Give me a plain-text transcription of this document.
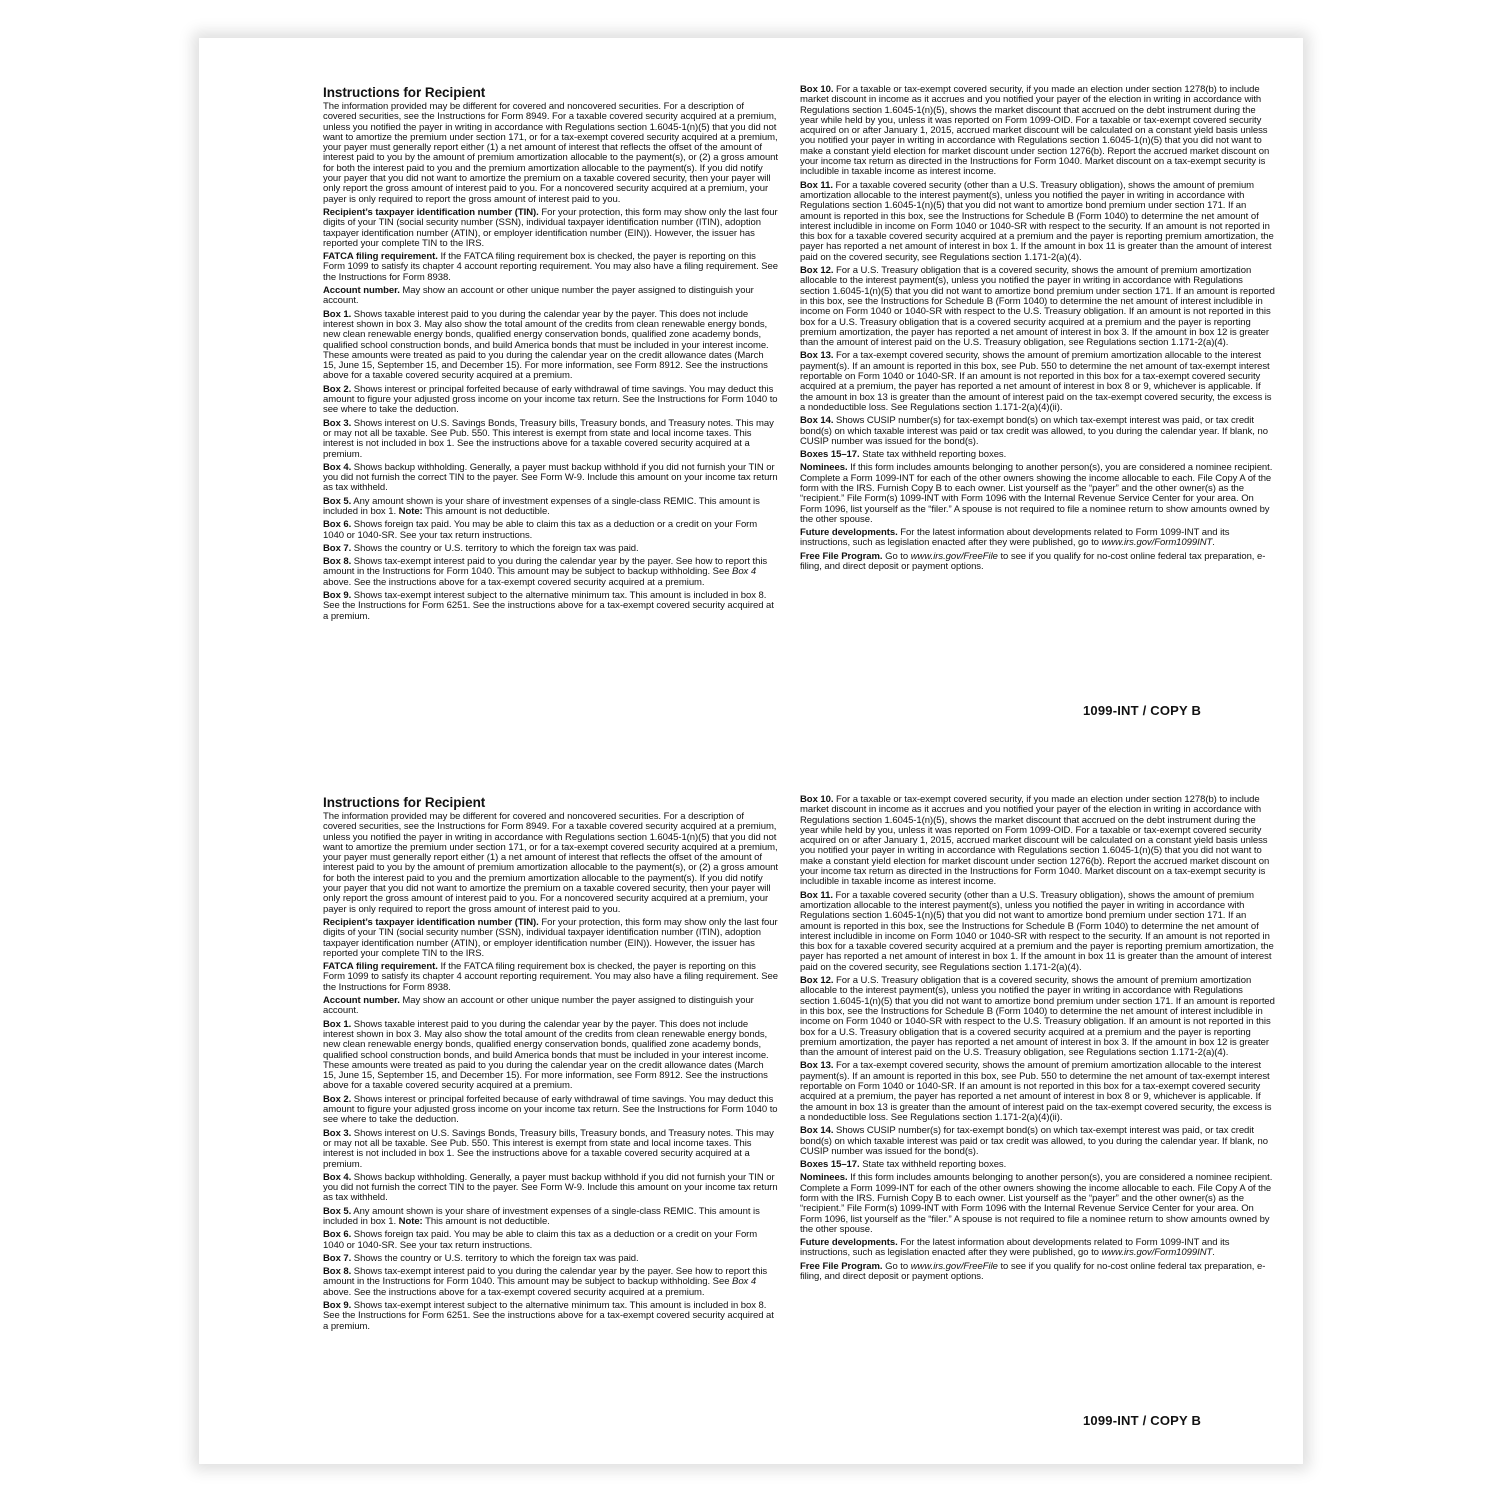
Instructions for Recipient

The information provided may be different for covered and noncovered securities. For a description of covered securities, see the Instructions for Form 8949. For a taxable covered security acquired at a premium, unless you notified the payer in writing in accordance with Regulations section 1.6045-1(n)(5) that you did not want to amortize the premium under section 171, or for a tax-exempt covered security acquired at a premium, your payer must generally report either (1) a net amount of interest that reflects the offset of the amount of interest paid to you by the amount of premium amortization allocable to the payment(s), or (2) a gross amount for both the interest paid to you and the premium amortization allocable to the payment(s). If you did notify your payer that you did not want to amortize the premium on a taxable covered security, then your payer will only report the gross amount of interest paid to you. For a noncovered security acquired at a premium, your payer is only required to report the gross amount of interest paid to you.

Recipient’s taxpayer identification number (TIN). For your protection, this form may show only the last four digits of your TIN (social security number (SSN), individual taxpayer identification number (ITIN), adoption taxpayer identification number (ATIN), or employer identification number (EIN)). However, the issuer has reported your complete TIN to the IRS.

FATCA filing requirement. If the FATCA filing requirement box is checked, the payer is reporting on this Form 1099 to satisfy its chapter 4 account reporting requirement. You may also have a filing requirement. See the Instructions for Form 8938.

Account number. May show an account or other unique number the payer assigned to distinguish your account.

Box 1. Shows taxable interest paid to you during the calendar year by the payer. This does not include interest shown in box 3. May also show the total amount of the credits from clean renewable energy bonds, new clean renewable energy bonds, qualified energy conservation bonds, qualified zone academy bonds, qualified school construction bonds, and build America bonds that must be included in your interest income. These amounts were treated as paid to you during the calendar year on the credit allowance dates (March 15, June 15, September 15, and December 15). For more information, see Form 8912. See the instructions above for a taxable covered security acquired at a premium.

Box 2. Shows interest or principal forfeited because of early withdrawal of time savings. You may deduct this amount to figure your adjusted gross income on your income tax return. See the Instructions for Form 1040 to see where to take the deduction.

Box 3. Shows interest on U.S. Savings Bonds, Treasury bills, Treasury bonds, and Treasury notes. This may or may not all be taxable. See Pub. 550. This interest is exempt from state and local income taxes. This interest is not included in box 1. See the instructions above for a taxable covered security acquired at a premium.

Box 4. Shows backup withholding. Generally, a payer must backup withhold if you did not furnish your TIN or you did not furnish the correct TIN to the payer. See Form W-9. Include this amount on your income tax return as tax withheld.

Box 5. Any amount shown is your share of investment expenses of a single-class REMIC. This amount is included in box 1. Note: This amount is not deductible.

Box 6. Shows foreign tax paid. You may be able to claim this tax as a deduction or a credit on your Form 1040 or 1040-SR. See your tax return instructions.

Box 7. Shows the country or U.S. territory to which the foreign tax was paid.

Box 8. Shows tax-exempt interest paid to you during the calendar year by the payer. See how to report this amount in the Instructions for Form 1040. This amount may be subject to backup withholding. See Box 4 above. See the instructions above for a tax-exempt covered security acquired at a premium.

Box 9. Shows tax-exempt interest subject to the alternative minimum tax. This amount is included in box 8. See the Instructions for Form 6251. See the instructions above for a tax-exempt covered security acquired at a premium.

Box 10. For a taxable or tax-exempt covered security, if you made an election under section 1278(b) to include market discount in income as it accrues and you notified your payer of the election in writing in accordance with Regulations section 1.6045-1(n)(5), shows the market discount that accrued on the debt instrument during the year while held by you, unless it was reported on Form 1099-OID. For a taxable or tax-exempt covered security acquired on or after January 1, 2015, accrued market discount will be calculated on a constant yield basis unless you notified your payer in writing in accordance with Regulations section 1.6045-1(n)(5) that you did not want to make a constant yield election for market discount under section 1276(b). Report the accrued market discount on your income tax return as directed in the Instructions for Form 1040. Market discount on a tax-exempt security is includible in taxable income as interest income.

Box 11. For a taxable covered security (other than a U.S. Treasury obligation), shows the amount of premium amortization allocable to the interest payment(s), unless you notified the payer in writing in accordance with Regulations section 1.6045-1(n)(5) that you did not want to amortize bond premium under section 171. If an amount is reported in this box, see the Instructions for Schedule B (Form 1040) to determine the net amount of interest includible in income on Form 1040 or 1040-SR with respect to the security. If an amount is not reported in this box for a taxable covered security acquired at a premium and the payer is reporting premium amortization, the payer has reported a net amount of interest in box 1. If the amount in box 11 is greater than the amount of interest paid on the covered security, see Regulations section 1.171-2(a)(4).

Box 12. For a U.S. Treasury obligation that is a covered security, shows the amount of premium amortization allocable to the interest payment(s), unless you notified the payer in writing in accordance with Regulations section 1.6045-1(n)(5) that you did not want to amortize bond premium under section 171. If an amount is reported in this box, see the Instructions for Schedule B (Form 1040) to determine the net amount of interest includible in income on Form 1040 or 1040-SR with respect to the U.S. Treasury obligation. If an amount is not reported in this box for a U.S. Treasury obligation that is a covered security acquired at a premium and the payer is reporting premium amortization, the payer has reported a net amount of interest in box 3. If the amount in box 12 is greater than the amount of interest paid on the U.S. Treasury obligation, see Regulations section 1.171-2(a)(4).

Box 13. For a tax-exempt covered security, shows the amount of premium amortization allocable to the interest payment(s). If an amount is reported in this box, see Pub. 550 to determine the net amount of tax-exempt interest reportable on Form 1040 or 1040-SR. If an amount is not reported in this box for a tax-exempt covered security acquired at a premium, the payer has reported a net amount of interest in box 8 or 9, whichever is applicable. If the amount in box 13 is greater than the amount of interest paid on the tax-exempt covered security, the excess is a nondeductible loss. See Regulations section 1.171-2(a)(4)(ii).

Box 14. Shows CUSIP number(s) for tax-exempt bond(s) on which tax-exempt interest was paid, or tax credit bond(s) on which taxable interest was paid or tax credit was allowed, to you during the calendar year. If blank, no CUSIP number was issued for the bond(s).

Boxes 15–17. State tax withheld reporting boxes.

Nominees. If this form includes amounts belonging to another person(s), you are considered a nominee recipient. Complete a Form 1099-INT for each of the other owners showing the income allocable to each. File Copy A of the form with the IRS. Furnish Copy B to each owner. List yourself as the “payer” and the other owner(s) as the “recipient.” File Form(s) 1099-INT with Form 1096 with the Internal Revenue Service Center for your area. On Form 1096, list yourself as the “filer.” A spouse is not required to file a nominee return to show amounts owned by the other spouse.

Future developments. For the latest information about developments related to Form 1099-INT and its instructions, such as legislation enacted after they were published, go to www.irs.gov/Form1099INT.

Free File Program. Go to www.irs.gov/FreeFile to see if you qualify for no-cost online federal tax preparation, e-filing, and direct deposit or payment options.

1099-INT / COPY B
Instructions for Recipient

The information provided may be different for covered and noncovered securities. For a description of covered securities, see the Instructions for Form 8949. For a taxable covered security acquired at a premium, unless you notified the payer in writing in accordance with Regulations section 1.6045-1(n)(5) that you did not want to amortize the premium under section 171, or for a tax-exempt covered security acquired at a premium, your payer must generally report either (1) a net amount of interest that reflects the offset of the amount of interest paid to you by the amount of premium amortization allocable to the payment(s), or (2) a gross amount for both the interest paid to you and the premium amortization allocable to the payment(s). If you did notify your payer that you did not want to amortize the premium on a taxable covered security, then your payer will only report the gross amount of interest paid to you. For a noncovered security acquired at a premium, your payer is only required to report the gross amount of interest paid to you.

Recipient’s taxpayer identification number (TIN). For your protection, this form may show only the last four digits of your TIN (social security number (SSN), individual taxpayer identification number (ITIN), adoption taxpayer identification number (ATIN), or employer identification number (EIN)). However, the issuer has reported your complete TIN to the IRS.

FATCA filing requirement. If the FATCA filing requirement box is checked, the payer is reporting on this Form 1099 to satisfy its chapter 4 account reporting requirement. You may also have a filing requirement. See the Instructions for Form 8938.

Account number. May show an account or other unique number the payer assigned to distinguish your account.

Box 1. Shows taxable interest paid to you during the calendar year by the payer. This does not include interest shown in box 3. May also show the total amount of the credits from clean renewable energy bonds, new clean renewable energy bonds, qualified energy conservation bonds, qualified zone academy bonds, qualified school construction bonds, and build America bonds that must be included in your interest income. These amounts were treated as paid to you during the calendar year on the credit allowance dates (March 15, June 15, September 15, and December 15). For more information, see Form 8912. See the instructions above for a taxable covered security acquired at a premium.

Box 2. Shows interest or principal forfeited because of early withdrawal of time savings. You may deduct this amount to figure your adjusted gross income on your income tax return. See the Instructions for Form 1040 to see where to take the deduction.

Box 3. Shows interest on U.S. Savings Bonds, Treasury bills, Treasury bonds, and Treasury notes. This may or may not all be taxable. See Pub. 550. This interest is exempt from state and local income taxes. This interest is not included in box 1. See the instructions above for a taxable covered security acquired at a premium.

Box 4. Shows backup withholding. Generally, a payer must backup withhold if you did not furnish your TIN or you did not furnish the correct TIN to the payer. See Form W-9. Include this amount on your income tax return as tax withheld.

Box 5. Any amount shown is your share of investment expenses of a single-class REMIC. This amount is included in box 1. Note: This amount is not deductible.

Box 6. Shows foreign tax paid. You may be able to claim this tax as a deduction or a credit on your Form 1040 or 1040-SR. See your tax return instructions.

Box 7. Shows the country or U.S. territory to which the foreign tax was paid.

Box 8. Shows tax-exempt interest paid to you during the calendar year by the payer. See how to report this amount in the Instructions for Form 1040. This amount may be subject to backup withholding. See Box 4 above. See the instructions above for a tax-exempt covered security acquired at a premium.

Box 9. Shows tax-exempt interest subject to the alternative minimum tax. This amount is included in box 8. See the Instructions for Form 6251. See the instructions above for a tax-exempt covered security acquired at a premium.

Box 10. For a taxable or tax-exempt covered security, if you made an election under section 1278(b) to include market discount in income as it accrues and you notified your payer of the election in writing in accordance with Regulations section 1.6045-1(n)(5), shows the market discount that accrued on the debt instrument during the year while held by you, unless it was reported on Form 1099-OID. For a taxable or tax-exempt covered security acquired on or after January 1, 2015, accrued market discount will be calculated on a constant yield basis unless you notified your payer in writing in accordance with Regulations section 1.6045-1(n)(5) that you did not want to make a constant yield election for market discount under section 1276(b). Report the accrued market discount on your income tax return as directed in the Instructions for Form 1040. Market discount on a tax-exempt security is includible in taxable income as interest income.

Box 11. For a taxable covered security (other than a U.S. Treasury obligation), shows the amount of premium amortization allocable to the interest payment(s), unless you notified the payer in writing in accordance with Regulations section 1.6045-1(n)(5) that you did not want to amortize bond premium under section 171. If an amount is reported in this box, see the Instructions for Schedule B (Form 1040) to determine the net amount of interest includible in income on Form 1040 or 1040-SR with respect to the security. If an amount is not reported in this box for a taxable covered security acquired at a premium and the payer is reporting premium amortization, the payer has reported a net amount of interest in box 1. If the amount in box 11 is greater than the amount of interest paid on the covered security, see Regulations section 1.171-2(a)(4).

Box 12. For a U.S. Treasury obligation that is a covered security, shows the amount of premium amortization allocable to the interest payment(s), unless you notified the payer in writing in accordance with Regulations section 1.6045-1(n)(5) that you did not want to amortize bond premium under section 171. If an amount is reported in this box, see the Instructions for Schedule B (Form 1040) to determine the net amount of interest includible in income on Form 1040 or 1040-SR with respect to the U.S. Treasury obligation. If an amount is not reported in this box for a U.S. Treasury obligation that is a covered security acquired at a premium and the payer is reporting premium amortization, the payer has reported a net amount of interest in box 3. If the amount in box 12 is greater than the amount of interest paid on the U.S. Treasury obligation, see Regulations section 1.171-2(a)(4).

Box 13. For a tax-exempt covered security, shows the amount of premium amortization allocable to the interest payment(s). If an amount is reported in this box, see Pub. 550 to determine the net amount of tax-exempt interest reportable on Form 1040 or 1040-SR. If an amount is not reported in this box for a tax-exempt covered security acquired at a premium, the payer has reported a net amount of interest in box 8 or 9, whichever is applicable. If the amount in box 13 is greater than the amount of interest paid on the tax-exempt covered security, the excess is a nondeductible loss. See Regulations section 1.171-2(a)(4)(ii).

Box 14. Shows CUSIP number(s) for tax-exempt bond(s) on which tax-exempt interest was paid, or tax credit bond(s) on which taxable interest was paid or tax credit was allowed, to you during the calendar year. If blank, no CUSIP number was issued for the bond(s).

Boxes 15–17. State tax withheld reporting boxes.

Nominees. If this form includes amounts belonging to another person(s), you are considered a nominee recipient. Complete a Form 1099-INT for each of the other owners showing the income allocable to each. File Copy A of the form with the IRS. Furnish Copy B to each owner. List yourself as the “payer” and the other owner(s) as the “recipient.” File Form(s) 1099-INT with Form 1096 with the Internal Revenue Service Center for your area. On Form 1096, list yourself as the “filer.” A spouse is not required to file a nominee return to show amounts owned by the other spouse.

Future developments. For the latest information about developments related to Form 1099-INT and its instructions, such as legislation enacted after they were published, go to www.irs.gov/Form1099INT.

Free File Program. Go to www.irs.gov/FreeFile to see if you qualify for no-cost online federal tax preparation, e-filing, and direct deposit or payment options.

1099-INT / COPY B
